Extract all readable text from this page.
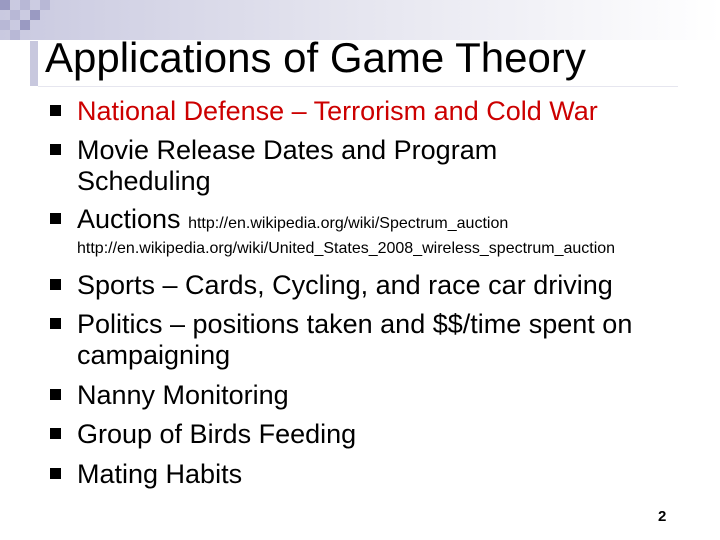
Applications of Game Theory
National Defense – Terrorism and Cold War
Movie Release Dates and Program Scheduling
Auctions http://en.wikipedia.org/wiki/Spectrum_auction
http://en.wikipedia.org/wiki/United_States_2008_wireless_spectrum_auction
Sports – Cards, Cycling, and race car driving
Politics – positions taken and $$/time spent on campaigning
Nanny Monitoring
Group of Birds Feeding
Mating Habits
2
